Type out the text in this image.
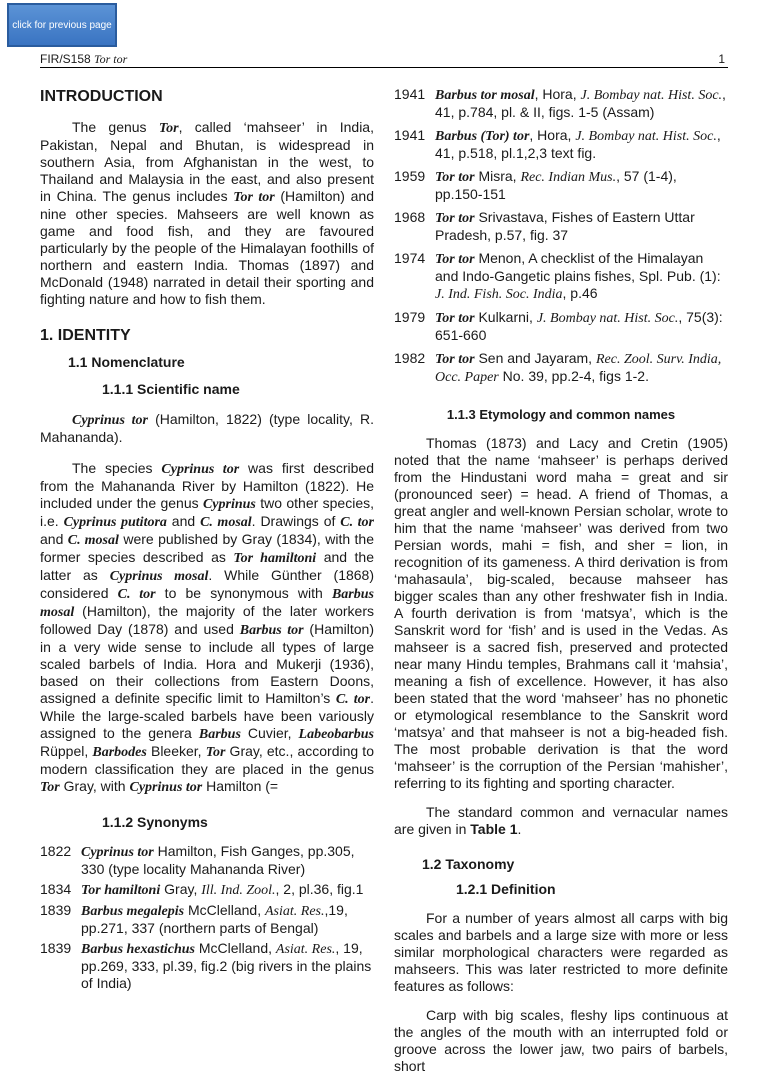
click for previous page
FIR/S158 Tor tor	1
INTRODUCTION

The genus Tor, called ‘mahseer’ in India, Pakistan, Nepal and Bhutan, is widespread in southern Asia, from Afghanistan in the west, to Thailand and Malaysia in the east, and also present in China. The genus includes Tor tor (Hamilton) and nine other species. Mahseers are well known as game and food fish, and they are favoured particularly by the people of the Himalayan foothills of northern and eastern India. Thomas (1897) and McDonald (1948) narrated in detail their sporting and fighting nature and how to fish them.

1. IDENTITY

1.1 Nomenclature

1.1.1 Scientific name

Cyprinus tor (Hamilton, 1822) (type locality, R. Mahananda).

The species Cyprinus tor was first described from the Mahananda River by Hamilton (1822). He included under the genus Cyprinus two other species, i.e. Cyprinus putitora and C. mosal. Drawings of C. tor and C. mosal were published by Gray (1834), with the former species described as Tor hamiltoni and the latter as Cyprinus mosal. While Günther (1868) considered C. tor to be synonymous with Barbus mosal (Hamilton), the majority of the later workers followed Day (1878) and used Barbus tor (Hamilton) in a very wide sense to include all types of large scaled barbels of India. Hora and Mukerji (1936), based on their collections from Eastern Doons, assigned a definite specific limit to Hamilton’s C. tor. While the large-scaled barbels have been variously assigned to the genera Barbus Cuvier, Labeobarbus Rüppel, Barbodes Bleeker, Tor Gray, etc., according to modern classification they are placed in the genus Tor Gray, with Cyprinus tor Hamilton (=

1.1.2 Synonyms

1822 Cyprinus tor Hamilton, Fish Ganges, pp.305, 330 (type locality Mahananda River)
1834 Tor hamiltoni Gray, Ill. Ind. Zool., 2, pl.36, fig.1
1839 Barbus megalepis McClelland, Asiat. Res.,19, pp.271, 337 (northern parts of Bengal)
1839 Barbus hexastichus McClelland, Asiat. Res., 19, pp.269, 333, pl.39, fig.2 (big rivers in the plains of India)
1941 Barbus tor mosal, Hora, J. Bombay nat. Hist. Soc., 41, p.784, pl. & II, figs. 1-5 (Assam)
1941 Barbus (Tor) tor, Hora, J. Bombay nat. Hist. Soc., 41, p.518, pl.1,2,3 text fig.
1959 Tor tor Misra, Rec. Indian Mus., 57 (1-4), pp.150-151
1968 Tor tor Srivastava, Fishes of Eastern Uttar Pradesh, p.57, fig. 37
1974 Tor tor Menon, A checklist of the Himalayan and Indo-Gangetic plains fishes, Spl. Pub. (1): J. Ind. Fish. Soc. India, p.46
1979 Tor tor Kulkarni, J. Bombay nat. Hist. Soc., 75(3): 651-660
1982 Tor tor Sen and Jayaram, Rec. Zool. Surv. India, Occ. Paper No. 39, pp.2-4, figs 1-2.

1.1.3 Etymology and common names

Thomas (1873) and Lacy and Cretin (1905) noted that the name ‘mahseer’ is perhaps derived from the Hindustani word maha = great and sir (pronounced seer) = head. A friend of Thomas, a great angler and well-known Persian scholar, wrote to him that the name ‘mahseer’ was derived from two Persian words, mahi = fish, and sher = lion, in recognition of its gameness. A third derivation is from ‘mahasaula’, big-scaled, because mahseer has bigger scales than any other freshwater fish in India. A fourth derivation is from ‘matsya’, which is the Sanskrit word for ‘fish’ and is used in the Vedas. As mahseer is a sacred fish, preserved and protected near many Hindu temples, Brahmans call it ‘mahsia’, meaning a fish of excellence. However, it has also been stated that the word ‘mahseer’ has no phonetic or etymological resemblance to the Sanskrit word ‘matsya’ and that mahseer is not a big-headed fish. The most probable derivation is that the word ‘mahseer’ is the corruption of the Persian ‘mahisher’, referring to its fighting and sporting character.

The standard common and vernacular names are given in Table 1.

1.2 Taxonomy

1.2.1 Definition

For a number of years almost all carps with big scales and barbels and a large size with more or less similar morphological characters were regarded as mahseers. This was later restricted to more definite features as follows:

Carp with big scales, fleshy lips continuous at the angles of the mouth with an interrupted fold or groove across the lower jaw, two pairs of barbels, short
